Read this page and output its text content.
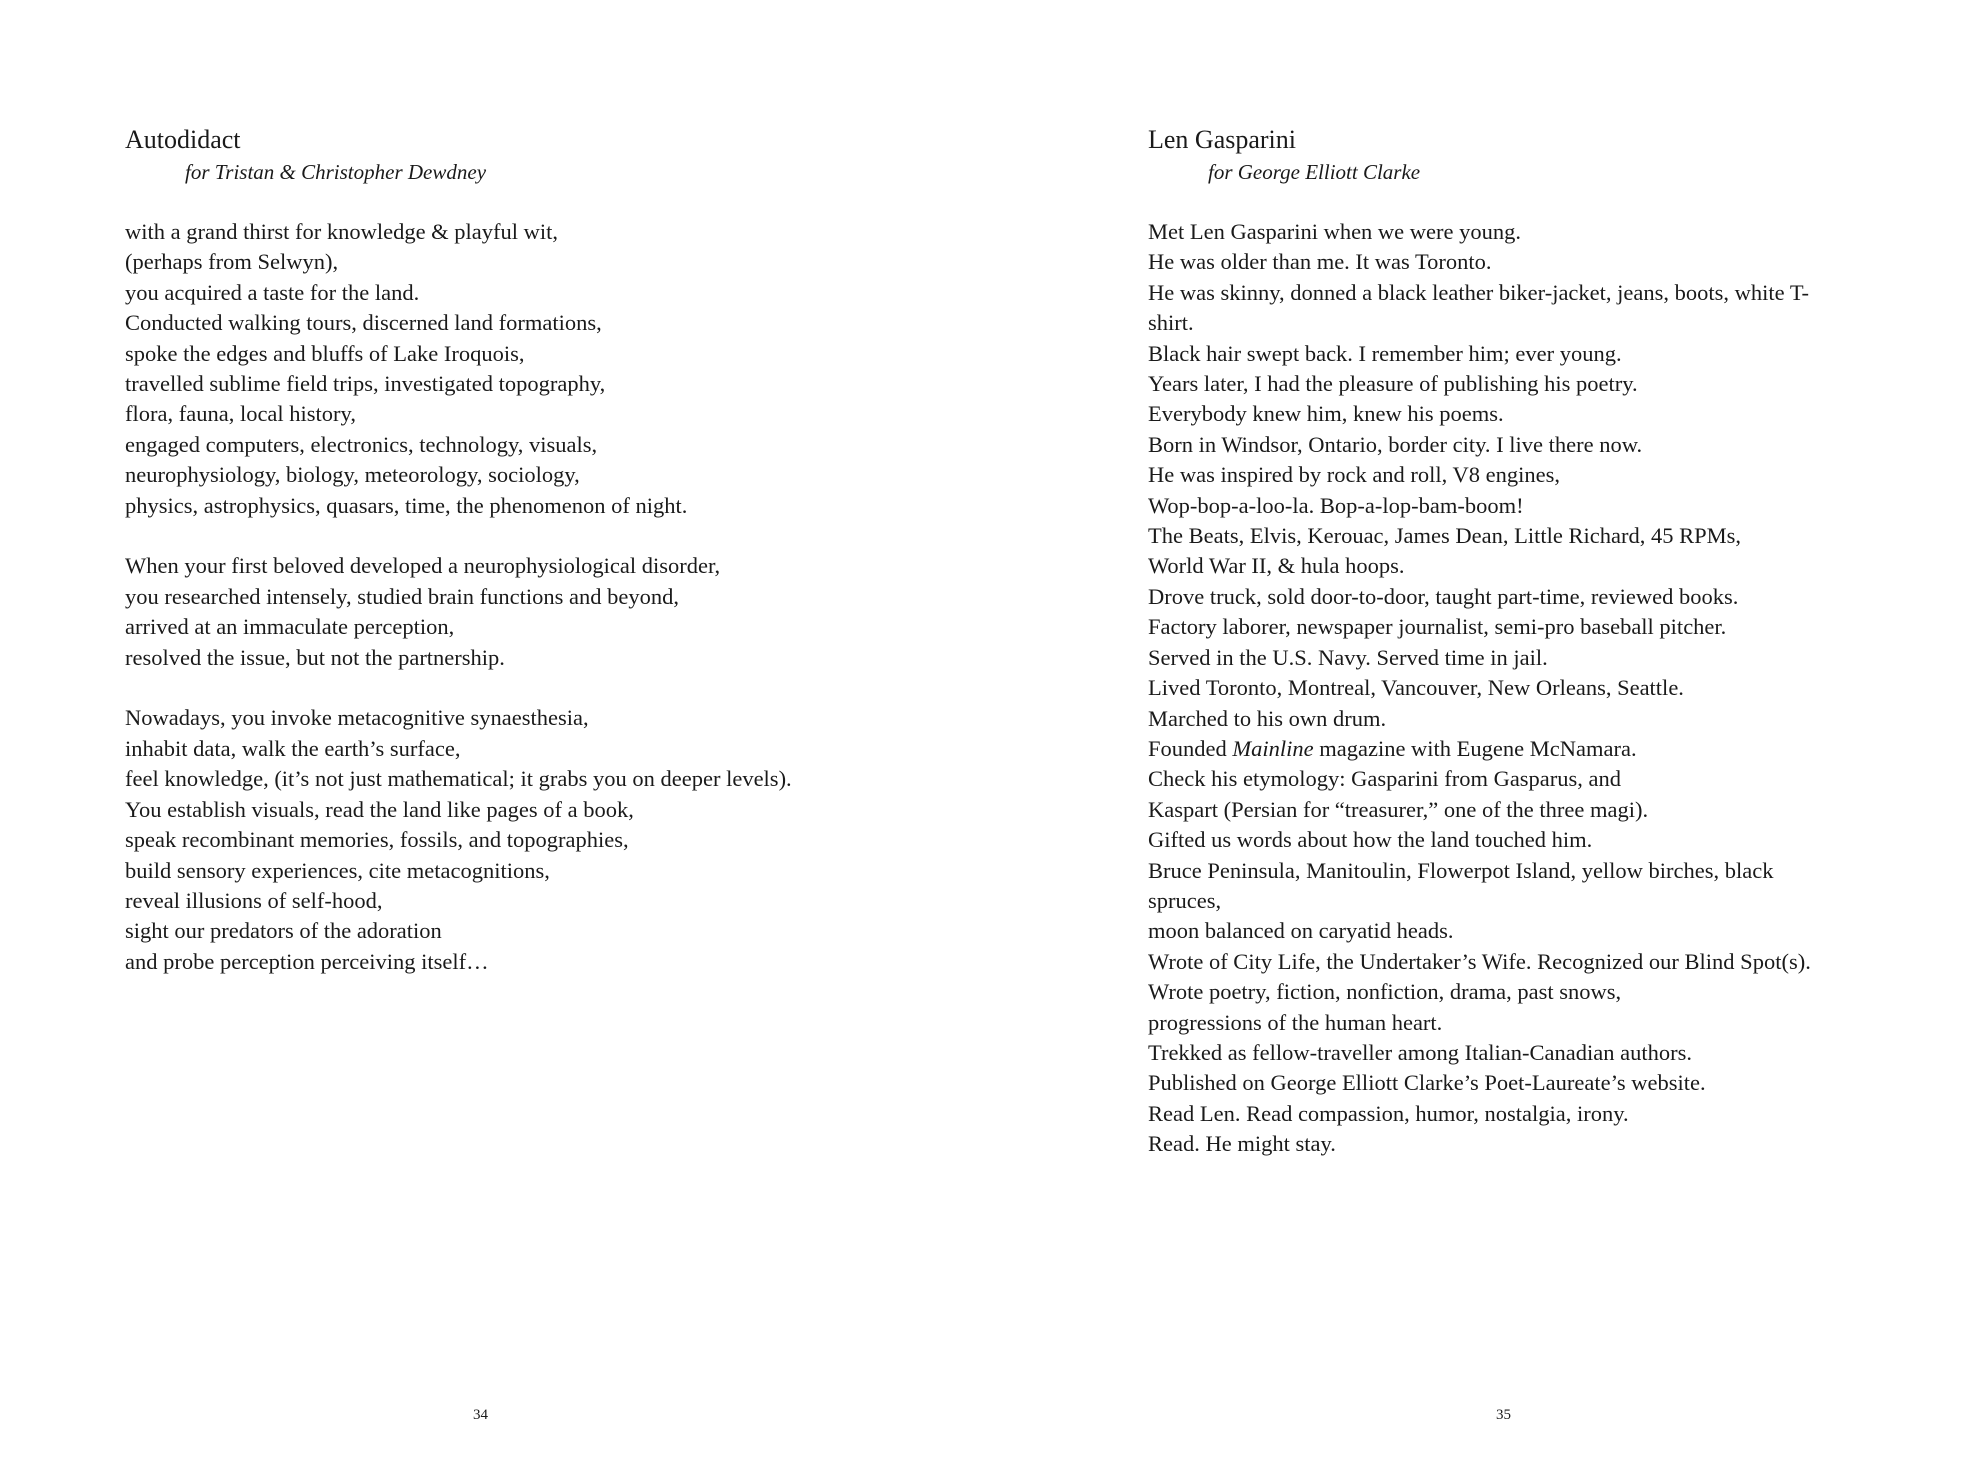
Autodidact
for Tristan & Christopher Dewdney
with a grand thirst for knowledge & playful wit,
(perhaps from Selwyn),
you acquired a taste for the land.
Conducted walking tours, discerned land formations,
spoke the edges and bluffs of Lake Iroquois,
travelled sublime field trips, investigated topography,
flora, fauna, local history,
engaged computers, electronics, technology, visuals,
neurophysiology, biology, meteorology, sociology,
physics, astrophysics, quasars, time, the phenomenon of night.
When your first beloved developed a neurophysiological disorder,
you researched intensely, studied brain functions and beyond,
arrived at an immaculate perception,
resolved the issue, but not the partnership.
Nowadays, you invoke metacognitive synaesthesia,
inhabit data, walk the earth’s surface,
feel knowledge, (it’s not just mathematical; it grabs you on deeper levels).
You establish visuals, read the land like pages of a book,
speak recombinant memories, fossils, and topographies,
build sensory experiences, cite metacognitions,
reveal illusions of self-hood,
sight our predators of the adoration
and probe perception perceiving itself…
34
Len Gasparini
for George Elliott Clarke
Met Len Gasparini when we were young.
He was older than me. It was Toronto.
He was skinny, donned a black leather biker-jacket, jeans, boots, white T-
shirt.
Black hair swept back. I remember him; ever young.
Years later, I had the pleasure of publishing his poetry.
Everybody knew him, knew his poems.
Born in Windsor, Ontario, border city. I live there now.
He was inspired by rock and roll, V8 engines,
Wop-bop-a-loo-la. Bop-a-lop-bam-boom!
The Beats, Elvis, Kerouac, James Dean, Little Richard, 45 RPMs,
World War II, & hula hoops.
Drove truck, sold door-to-door, taught part-time, reviewed books.
Factory laborer, newspaper journalist, semi-pro baseball pitcher.
Served in the U.S. Navy. Served time in jail.
Lived Toronto, Montreal, Vancouver, New Orleans, Seattle.
Marched to his own drum.
Founded Mainline magazine with Eugene McNamara.
Check his etymology: Gasparini from Gasparus, and
Kaspart (Persian for “treasurer,” one of the three magi).
Gifted us words about how the land touched him.
Bruce Peninsula, Manitoulin, Flowerpot Island, yellow birches, black
spruces,
moon balanced on caryatid heads.
Wrote of City Life, the Undertaker’s Wife. Recognized our Blind Spot(s).
Wrote poetry, fiction, nonfiction, drama, past snows,
progressions of the human heart.
Trekked as fellow-traveller among Italian-Canadian authors.
Published on George Elliott Clarke’s Poet-Laureate’s website.
Read Len. Read compassion, humor, nostalgia, irony.
Read. He might stay.
35
